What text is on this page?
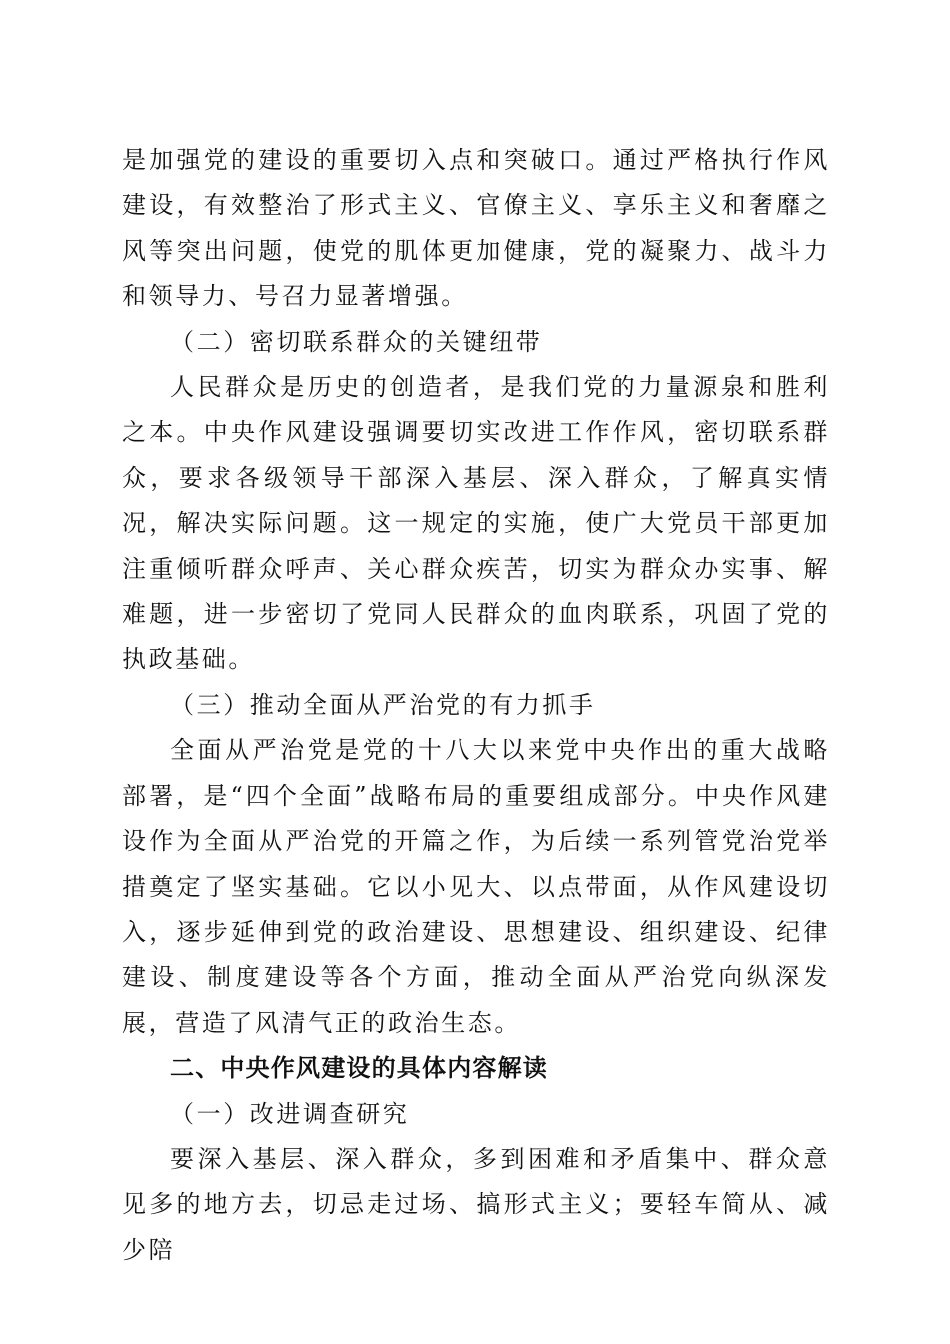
是加强党的建设的重要切入点和突破口。通过严格执行作风建设，有效整治了形式主义、官僚主义、享乐主义和奢靡之风等突出问题，使党的肌体更加健康，党的凝聚力、战斗力和领导力、号召力显著增强。

（二）密切联系群众的关键纽带

人民群众是历史的创造者，是我们党的力量源泉和胜利之本。中央作风建设强调要切实改进工作作风，密切联系群众，要求各级领导干部深入基层、深入群众，了解真实情况，解决实际问题。这一规定的实施，使广大党员干部更加注重倾听群众呼声、关心群众疾苦，切实为群众办实事、解难题，进一步密切了党同人民群众的血肉联系，巩固了党的执政基础。

（三）推动全面从严治党的有力抓手

全面从严治党是党的十八大以来党中央作出的重大战略部署，是“四个全面”战略布局的重要组成部分。中央作风建设作为全面从严治党的开篇之作，为后续一系列管党治党举措奠定了坚实基础。它以小见大、以点带面，从作风建设切入，逐步延伸到党的政治建设、思想建设、组织建设、纪律建设、制度建设等各个方面，推动全面从严治党向纵深发展，营造了风清气正的政治生态。

二、中央作风建设的具体内容解读

（一）改进调查研究

要深入基层、深入群众，多到困难和矛盾集中、群众意见多的地方去，切忌走过场、搞形式主义；要轻车简从、减少陪
